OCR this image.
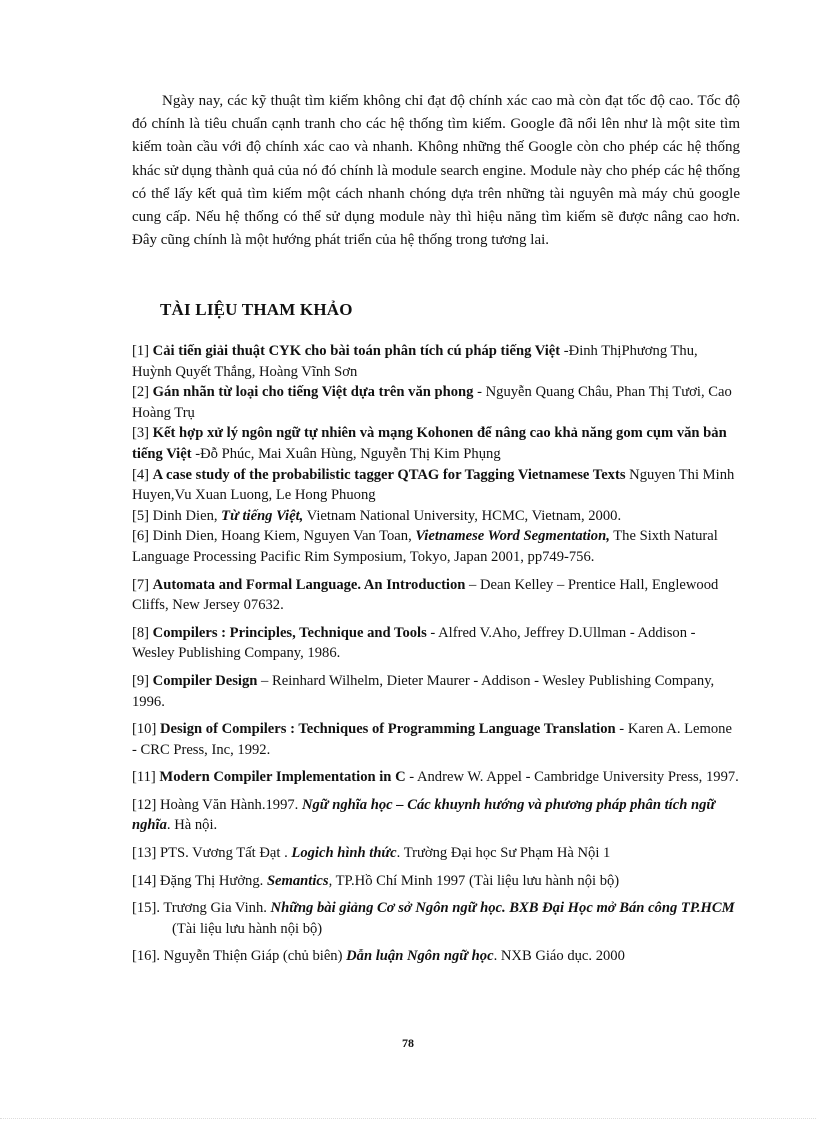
Ngày nay, các kỹ thuật tìm kiếm không chỉ đạt độ chính xác cao mà còn đạt tốc độ cao. Tốc độ đó chính là tiêu chuẩn cạnh tranh cho các hệ thống tìm kiếm. Google đã nổi lên như là một site tìm kiếm toàn cầu với độ chính xác cao và nhanh. Không những thế Google còn cho phép các hệ thống khác sử dụng thành quả của nó đó chính là module search engine. Module này cho phép các hệ thống có thể lấy kết quả tìm kiếm một cách nhanh chóng dựa trên những tài nguyên mà máy chủ google cung cấp. Nếu hệ thống có thể sử dụng module này thì hiệu năng tìm kiếm sẽ được nâng cao hơn. Đây cũng chính là một hướng phát triển của hệ thống trong tương lai.

TÀI LIỆU THAM KHẢO

[1] Cải tiến giải thuật CYK cho bài toán phân tích cú pháp tiếng Việt -Đinh ThịPhương Thu, Huỳnh Quyết Thắng, Hoàng Vĩnh Sơn

[2] Gán nhãn từ loại cho tiếng Việt dựa trên văn phong - Nguyễn Quang Châu, Phan Thị Tươi, Cao Hoàng Trụ

[3] Kết hợp xử lý ngôn ngữ tự nhiên và mạng Kohonen để nâng cao khả năng gom cụm văn bản tiếng Việt -Đỗ Phúc, Mai Xuân Hùng, Nguyễn Thị Kim Phụng

[4] A case study of the probabilistic tagger QTAG for Tagging Vietnamese Texts Nguyen Thi Minh Huyen,Vu Xuan Luong, Le Hong Phuong

[5] Dinh Dien, Từ tiếng Việt, Vietnam National University, HCMC, Vietnam, 2000.

[6] Dinh Dien, Hoang Kiem, Nguyen Van Toan, Vietnamese Word Segmentation, The Sixth Natural Language Processing Pacific Rim Symposium, Tokyo, Japan 2001, pp749-756.

[7] Automata and Formal Language. An Introduction – Dean Kelley – Prentice Hall, Englewood Cliffs, New Jersey 07632.

[8] Compilers : Principles, Technique and Tools - Alfred V.Aho, Jeffrey D.Ullman - Addison - Wesley Publishing Company, 1986.

[9] Compiler Design – Reinhard Wilhelm, Dieter Maurer - Addison - Wesley Publishing Company, 1996.

[10] Design of Compilers : Techniques of Programming Language Translation - Karen A. Lemone - CRC Press, Inc, 1992.

[11] Modern Compiler Implementation in C - Andrew W. Appel - Cambridge University Press, 1997.

[12] Hoàng Văn Hành.1997. Ngữ nghĩa học – Các khuynh hướng và phương pháp phân tích ngữ nghĩa. Hà nội.

[13] PTS. Vương Tất Đạt . Logich hình thức. Trường Đại học Sư Phạm Hà Nội 1

[14] Đặng Thị Hưởng. Semantics, TP.Hồ Chí Minh 1997 (Tài liệu lưu hành nội bộ)

[15]. Trương Gia Vinh. Những bài giảng Cơ sở Ngôn ngữ học. BXB Đại Học mở Bán công TP.HCM (Tài liệu lưu hành nội bộ)

[16]. Nguyễn Thiện Giáp (chủ biên) Dẫn luận Ngôn ngữ học. NXB Giáo dục. 2000

78
